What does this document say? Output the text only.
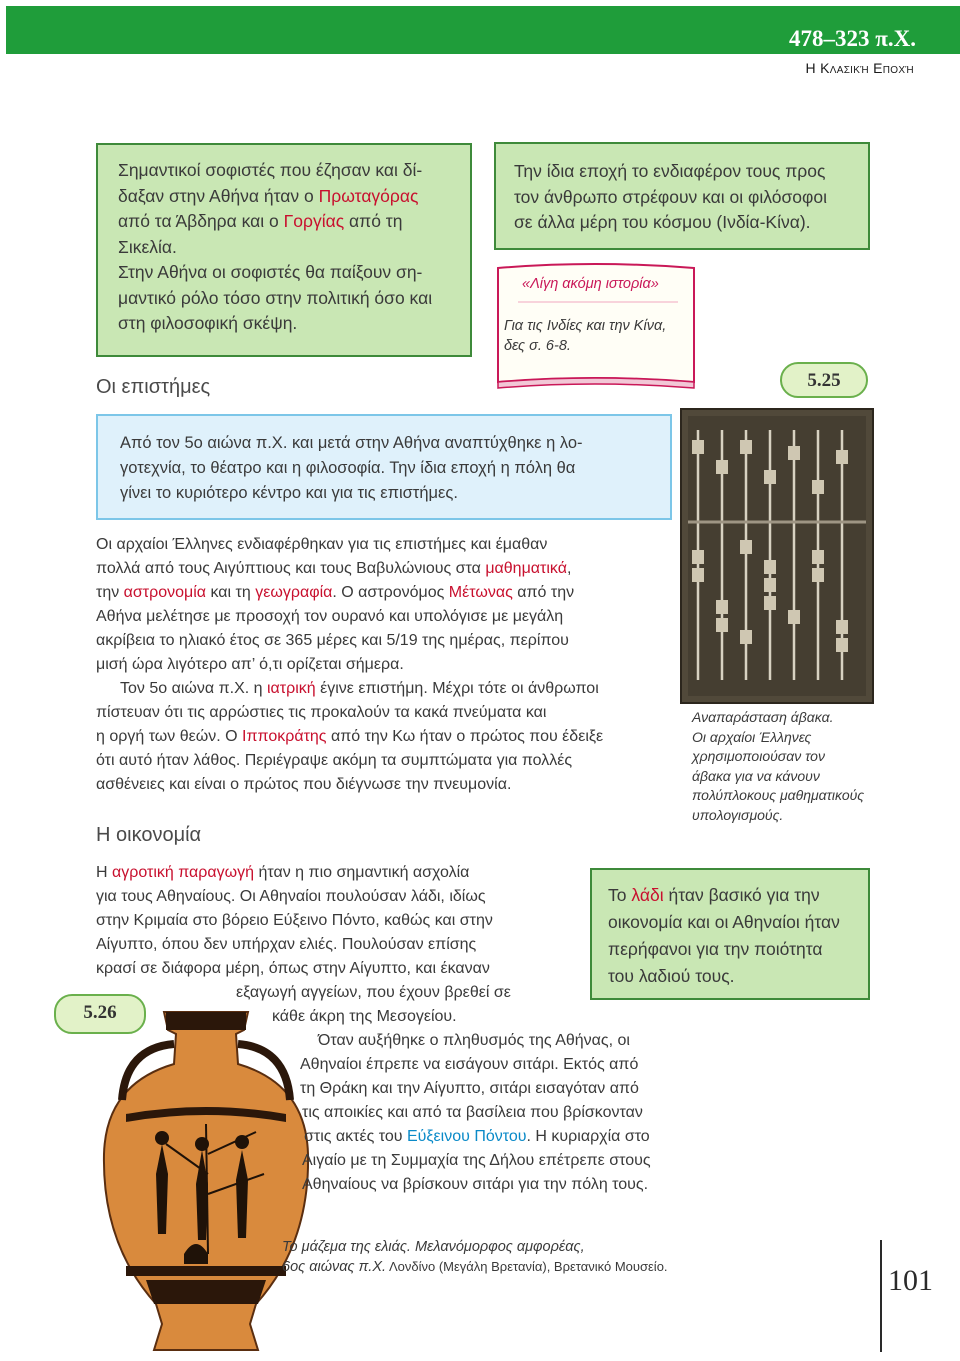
478–323 π.Χ.
Η Κλασική Εποχή
Σημαντικοί σοφιστές που έζησαν και δί-
δαξαν στην Αθήνα ήταν ο Πρωταγόρας
από τα Άβδηρα και ο Γοργίας από τη
Σικελία.
Στην Αθήνα οι σοφιστές θα παίξουν ση-
μαντικό ρόλο τόσο στην πολιτική όσο και
στη φιλοσοφική σκέψη.
Την ίδια εποχή το ενδιαφέρον τους προς
τον άνθρωπο στρέφουν και οι φιλόσοφοι
σε άλλα μέρη του κόσμου (Ινδία-Κίνα).
«Λίγη ακόμη ιστορία»
Για τις Ινδίες και την Κίνα,
δες σ. 6-8.
Οι επιστήμες	5.25
Από τον 5ο αιώνα π.Χ. και μετά στην Αθήνα αναπτύχθηκε η λο-
γοτεχνία, το θέατρο και η φιλοσοφία. Την ίδια εποχή η πόλη θα
γίνει το κυριότερο κέντρο και για τις επιστήμες.
Αναπαράσταση άβακα.
Οι αρχαίοι Έλληνες
χρησιμοποιούσαν τον
άβακα για να κάνουν
πολύπλοκους μαθηματικούς
υπολογισμούς.
Οι αρχαίοι Έλληνες ενδιαφέρθηκαν για τις επιστήμες και έμαθαν
πολλά από τους Αιγύπτιους και τους Βαβυλώνιους στα μαθηματικά,
την αστρονομία και τη γεωγραφία. Ο αστρονόμος Μέτωνας από την
Αθήνα μελέτησε με προσοχή τον ουρανό και υπολόγισε με μεγάλη
ακρίβεια το ηλιακό έτος σε 365 μέρες και 5/19 της ημέρας, περίπου
μισή ώρα λιγότερο απ’ ό,τι ορίζεται σήμερα.
Τον 5ο αιώνα π.Χ. η ιατρική έγινε επιστήμη. Μέχρι τότε οι άνθρωποι
πίστευαν ότι τις αρρώστιες τις προκαλούν τα κακά πνεύματα και
η οργή των θεών. Ο Ιπποκράτης από την Κω ήταν ο πρώτος που έδειξε
ότι αυτό ήταν λάθος. Περιέγραψε ακόμη τα συμπτώματα για πολλές
ασθένειες και είναι ο πρώτος που διέγνωσε την πνευμονία.
Η οικονομία
Το λάδι ήταν βασικό για την
οικονομία και οι Αθηναίοι ήταν
περήφανοι για την ποιότητα
του λαδιού τους.
5.26
Η αγροτική παραγωγή ήταν η πιο σημαντική ασχολία
για τους Αθηναίους. Οι Αθηναίοι πουλούσαν λάδι, ιδίως
στην Κριμαία στο βόρειο Εύξεινο Πόντο, καθώς και στην
Αίγυπτο, όπου δεν υπήρχαν ελιές. Πουλούσαν επίσης
κρασί σε διάφορα μέρη, όπως στην Αίγυπτο, και έκαναν
εξαγωγή αγγείων, που έχουν βρεθεί σε
κάθε άκρη της Μεσογείου.
Όταν αυξήθηκε ο πληθυσμός της Αθήνας, οι
Αθηναίοι έπρεπε να εισάγουν σιτάρι. Εκτός από
τη Θράκη και την Αίγυπτο, σιτάρι εισαγόταν από
τις αποικίες και από τα βασίλεια που βρίσκονταν
στις ακτές του Εύξεινου Πόντου. Η κυριαρχία στο
Αιγαίο με τη Συμμαχία της Δήλου επέτρεπε στους
Αθηναίους να βρίσκουν σιτάρι για την πόλη τους.
Το μάζεμα της ελιάς. Μελανόμορφος αμφορέας,
6ος αιώνας π.Χ. Λονδίνο (Μεγάλη Βρετανία), Βρετανικό Μουσείο.	101
